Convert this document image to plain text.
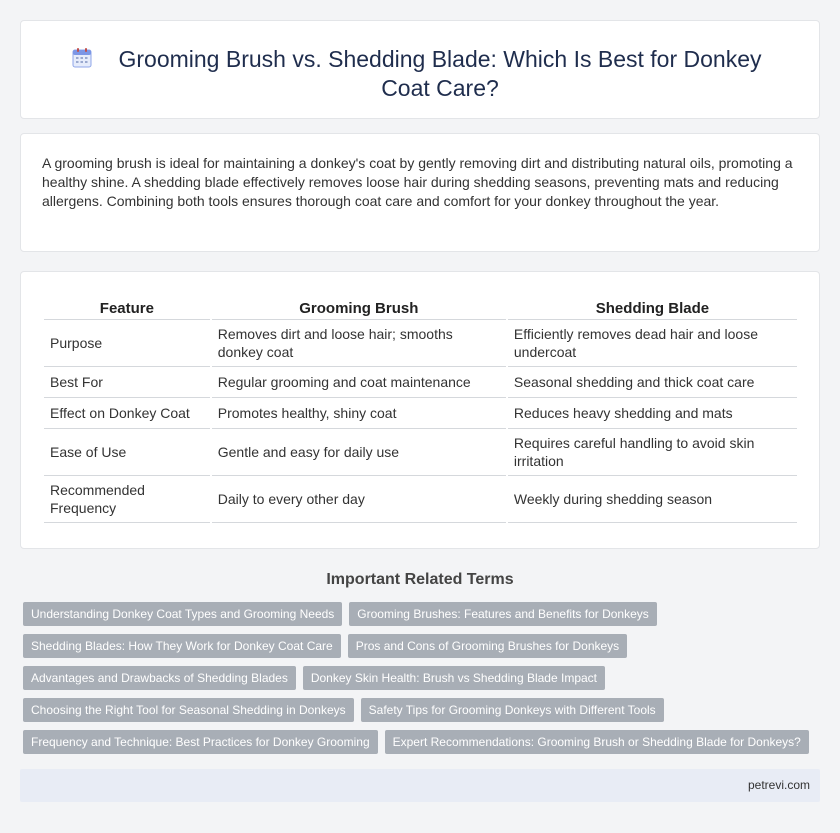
Grooming Brush vs. Shedding Blade: Which Is Best for Donkey Coat Care?

A grooming brush is ideal for maintaining a donkey's coat by gently removing dirt and distributing natural oils, promoting a healthy shine. A shedding blade effectively removes loose hair during shedding seasons, preventing mats and reducing allergens. Combining both tools ensures thorough coat care and comfort for your donkey throughout the year.

Feature	Grooming Brush	Shedding Blade
Purpose	Removes dirt and loose hair; smooths donkey coat	Efficiently removes dead hair and loose undercoat
Best For	Regular grooming and coat maintenance	Seasonal shedding and thick coat care
Effect on Donkey Coat	Promotes healthy, shiny coat	Reduces heavy shedding and mats
Ease of Use	Gentle and easy for daily use	Requires careful handling to avoid skin irritation
Recommended Frequency	Daily to every other day	Weekly during shedding season
Important Related Terms
Understanding Donkey Coat Types and Grooming Needs	Grooming Brushes: Features and Benefits for Donkeys
Shedding Blades: How They Work for Donkey Coat Care	Pros and Cons of Grooming Brushes for Donkeys
Advantages and Drawbacks of Shedding Blades	Donkey Skin Health: Brush vs Shedding Blade Impact
Choosing the Right Tool for Seasonal Shedding in Donkeys	Safety Tips for Grooming Donkeys with Different Tools
Frequency and Technique: Best Practices for Donkey Grooming	Expert Recommendations: Grooming Brush or Shedding Blade for Donkeys?
petrevi.com
